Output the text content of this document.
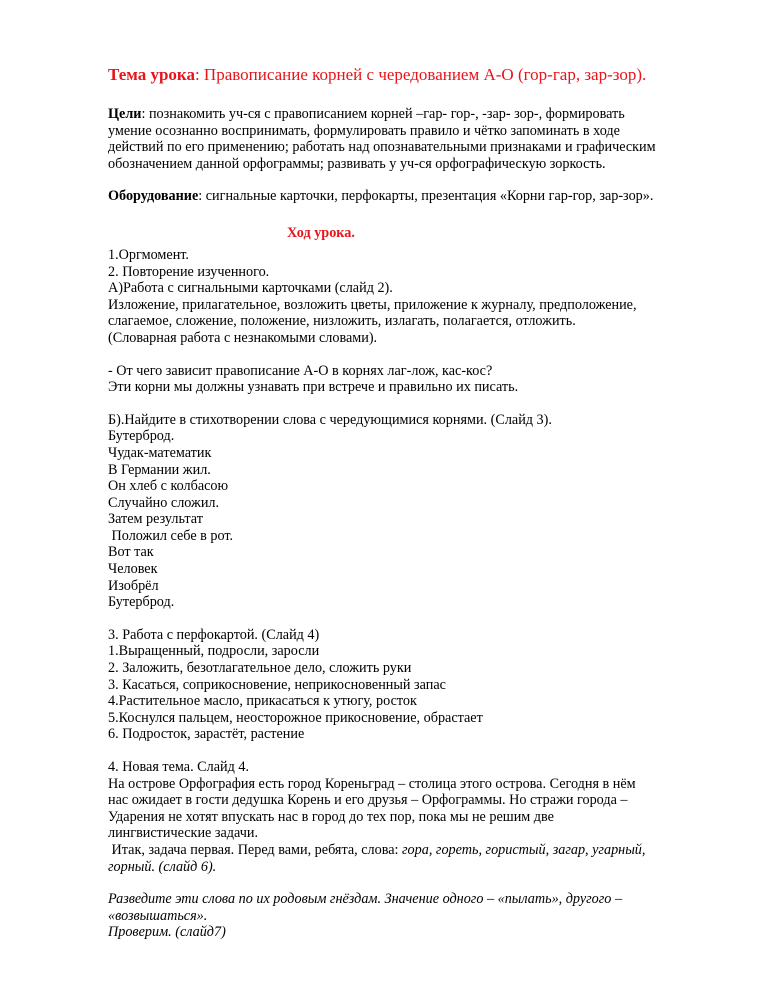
Тема урока: Правописание корней с чередованием А-О (гор-гар, зар-зор).
Цели: познакомить уч-ся с правописанием корней –гар- гор-, -зар- зор-, формировать
умение осознанно воспринимать, формулировать правило и чётко запоминать в ходе
действий по его применению; работать над опознавательными признаками и графическим
обозначением данной орфограммы; развивать у уч-ся орфографическую зоркость.
Оборудование: сигнальные карточки, перфокарты, презентация «Корни гар-гор, зар-зор».
Ход урока.
1.Оргмомент.
2. Повторение изученного.
А)Работа с сигнальными карточками (слайд 2).
Изложение, прилагательное, возложить цветы, приложение к журналу, предположение,
слагаемое, сложение, положение, низложить, излагать, полагается, отложить.
(Словарная работа с незнакомыми словами).
- От чего зависит правописание А-О в корнях лаг-лож, кас-кос?
Эти корни мы должны узнавать при встрече и правильно их писать.
Б).Найдите в стихотворении слова с чередующимися корнями. (Слайд 3).
Бутерброд.
Чудак-математик
В Германии жил.
Он хлеб с колбасою
Случайно сложил.
Затем результат
Положил себе в рот.
Вот так
Человек
Изобрёл
Бутерброд.
3. Работа с перфокартой. (Слайд 4)
1.Выращенный, подросли, заросли
2. Заложить, безотлагательное дело, сложить руки
3. Касаться, соприкосновение, неприкосновенный запас
4.Растительное масло, прикасаться к утюгу, росток
5.Коснулся пальцем, неосторожное прикосновение, обрастает
6. Подросток, зарастёт, растение
4. Новая тема. Слайд 4.
На острове Орфография есть город Кореньград – столица этого острова. Сегодня в нём
нас ожидает в гости дедушка Корень и его друзья – Орфограммы. Но стражи города –
Ударения не хотят впускать нас в город до тех пор, пока мы не решим две
лингвистические задачи.
Итак, задача первая. Перед вами, ребята, слова: гора, гореть, гористый, загар, угарный,
горный. (слайд 6).
Разведите эти слова по их родовым гнёздам. Значение одного – «пылать», другого –
«возвышаться».
Проверим. (слайд7)
